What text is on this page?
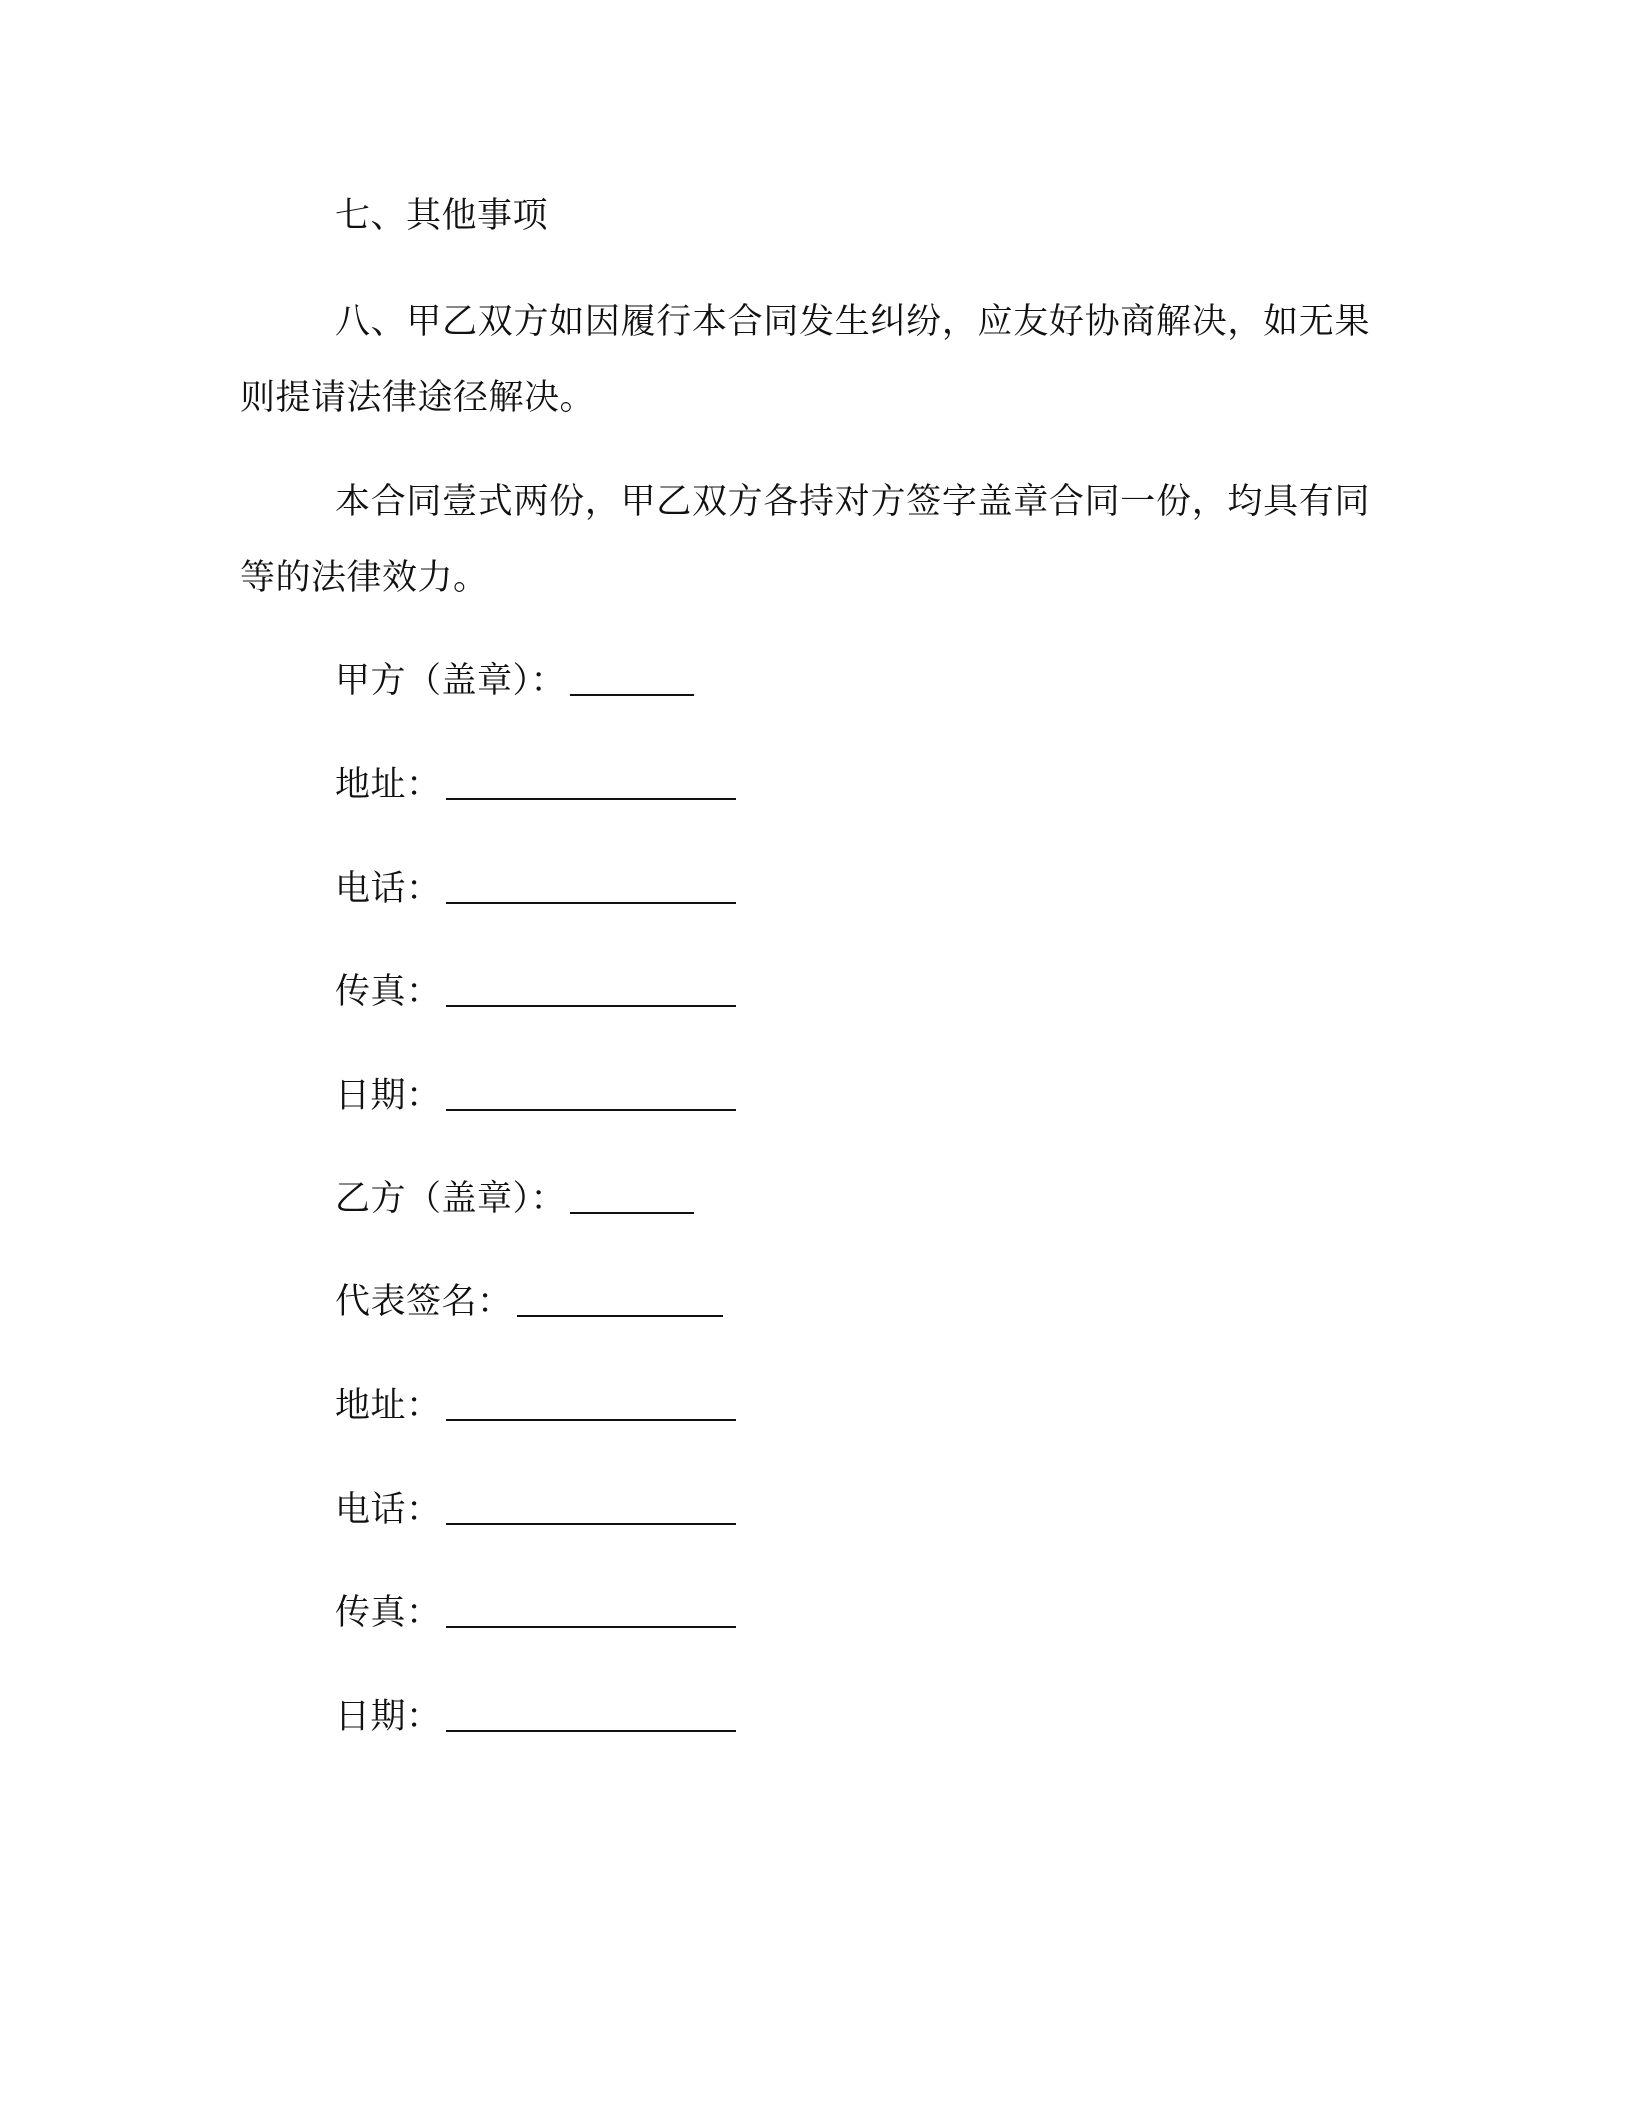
七、其他事项
八、甲乙双方如因履行本合同发生纠纷，应友好协商解决，如无果则提请法律途径解决。
本合同壹式两份，甲乙双方各持对方签字盖章合同一份，均具有同等的法律效力。
甲方（盖章）：
地址：
电话：
传真：
日期：
乙方（盖章）：
代表签名：
地址：
电话：
传真：
日期：
